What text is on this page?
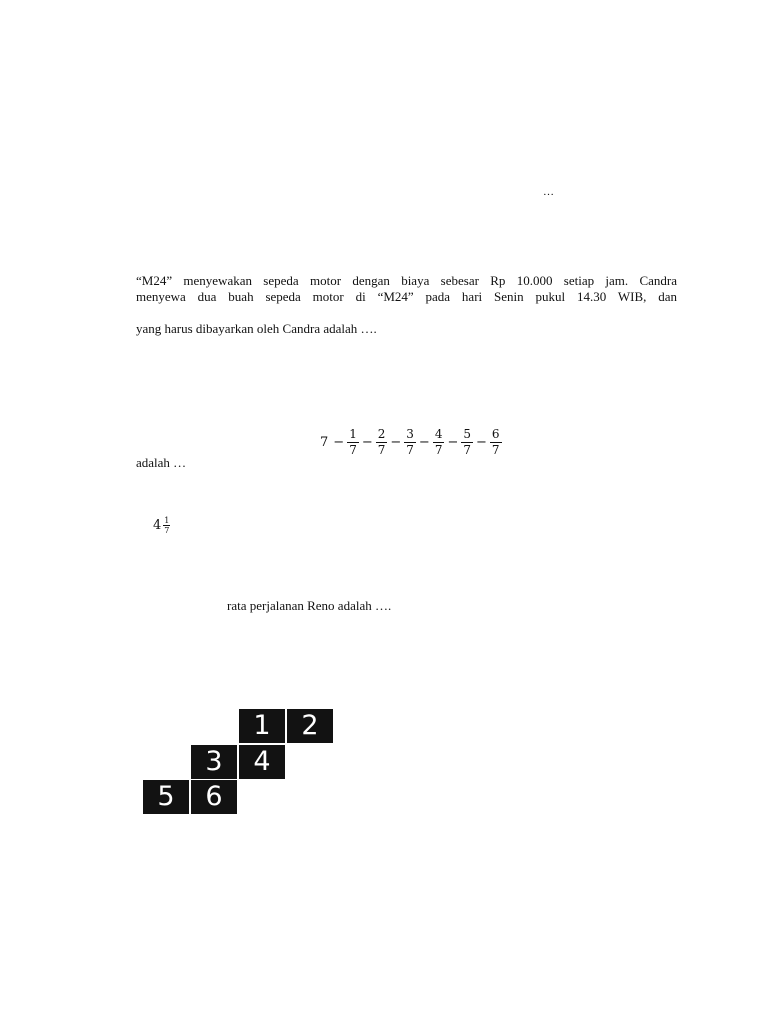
…

“M24” menyewakan sepeda motor dengan biaya sebesar Rp 10.000 setiap jam. Candra

menyewa dua buah sepeda motor di “M24” pada hari Senin pukul 14.30 WIB, dan

yang harus dibayarkan oleh Candra adalah ….

$7 - \frac{1}{7} - \frac{2}{7} - \frac{3}{7} - \frac{4}{7} - \frac{5}{7} - \frac{6}{7}$

adalah …

$4 \frac{1}{7}$

rata perjalanan Reno adalah ….

1	2
3	4
5	6
